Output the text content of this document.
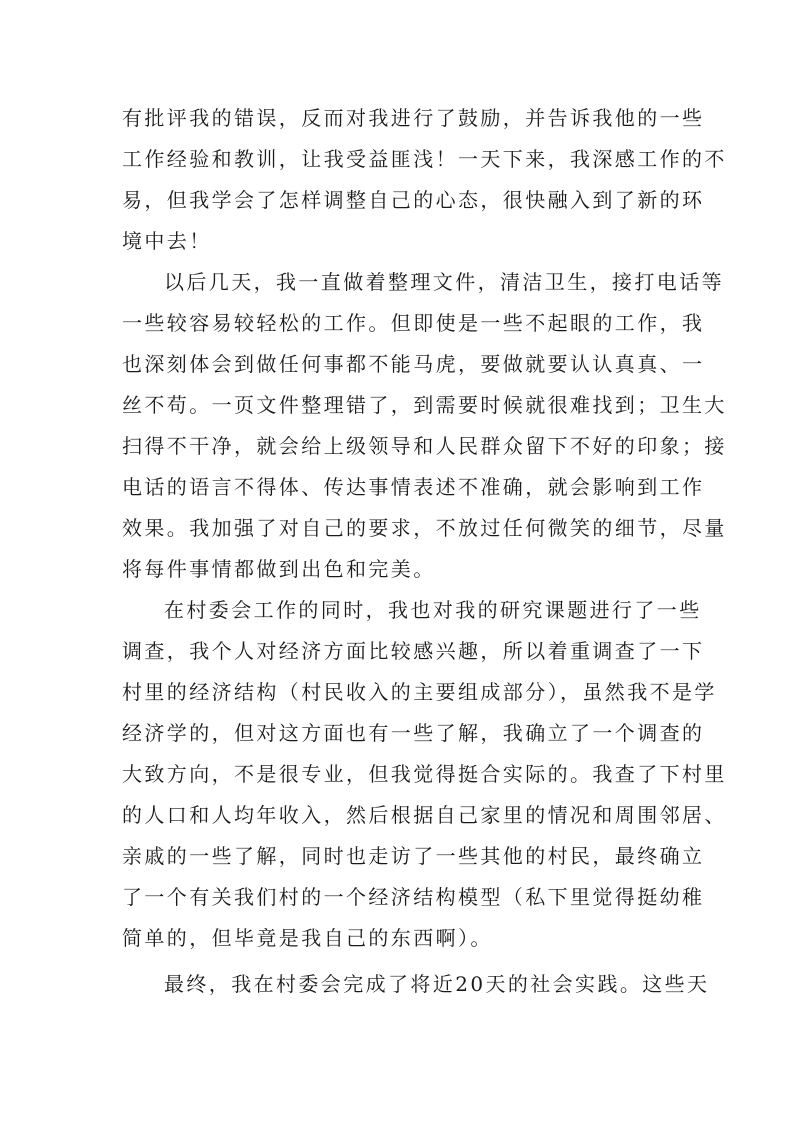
有批评我的错误，反而对我进行了鼓励，并告诉我他的一些

工作经验和教训，让我受益匪浅！一天下来，我深感工作的不

易，但我学会了怎样调整自己的心态，很快融入到了新的环

境中去！

以后几天，我一直做着整理文件，清洁卫生，接打电话等

一些较容易较轻松的工作。但即使是一些不起眼的工作，我

也深刻体会到做任何事都不能马虎，要做就要认认真真、一

丝不苟。一页文件整理错了，到需要时候就很难找到；卫生大

扫得不干净，就会给上级领导和人民群众留下不好的印象；接

电话的语言不得体、传达事情表述不准确，就会影响到工作

效果。我加强了对自己的要求，不放过任何微笑的细节，尽量

将每件事情都做到出色和完美。

在村委会工作的同时，我也对我的研究课题进行了一些

调查，我个人对经济方面比较感兴趣，所以着重调查了一下

村里的经济结构（村民收入的主要组成部分），虽然我不是学

经济学的，但对这方面也有一些了解，我确立了一个调查的

大致方向，不是很专业，但我觉得挺合实际的。我查了下村里

的人口和人均年收入，然后根据自己家里的情况和周围邻居、

亲戚的一些了解，同时也走访了一些其他的村民，最终确立

了一个有关我们村的一个经济结构模型（私下里觉得挺幼稚

简单的，但毕竟是我自己的东西啊）。

最终，我在村委会完成了将近20天的社会实践。这些天
